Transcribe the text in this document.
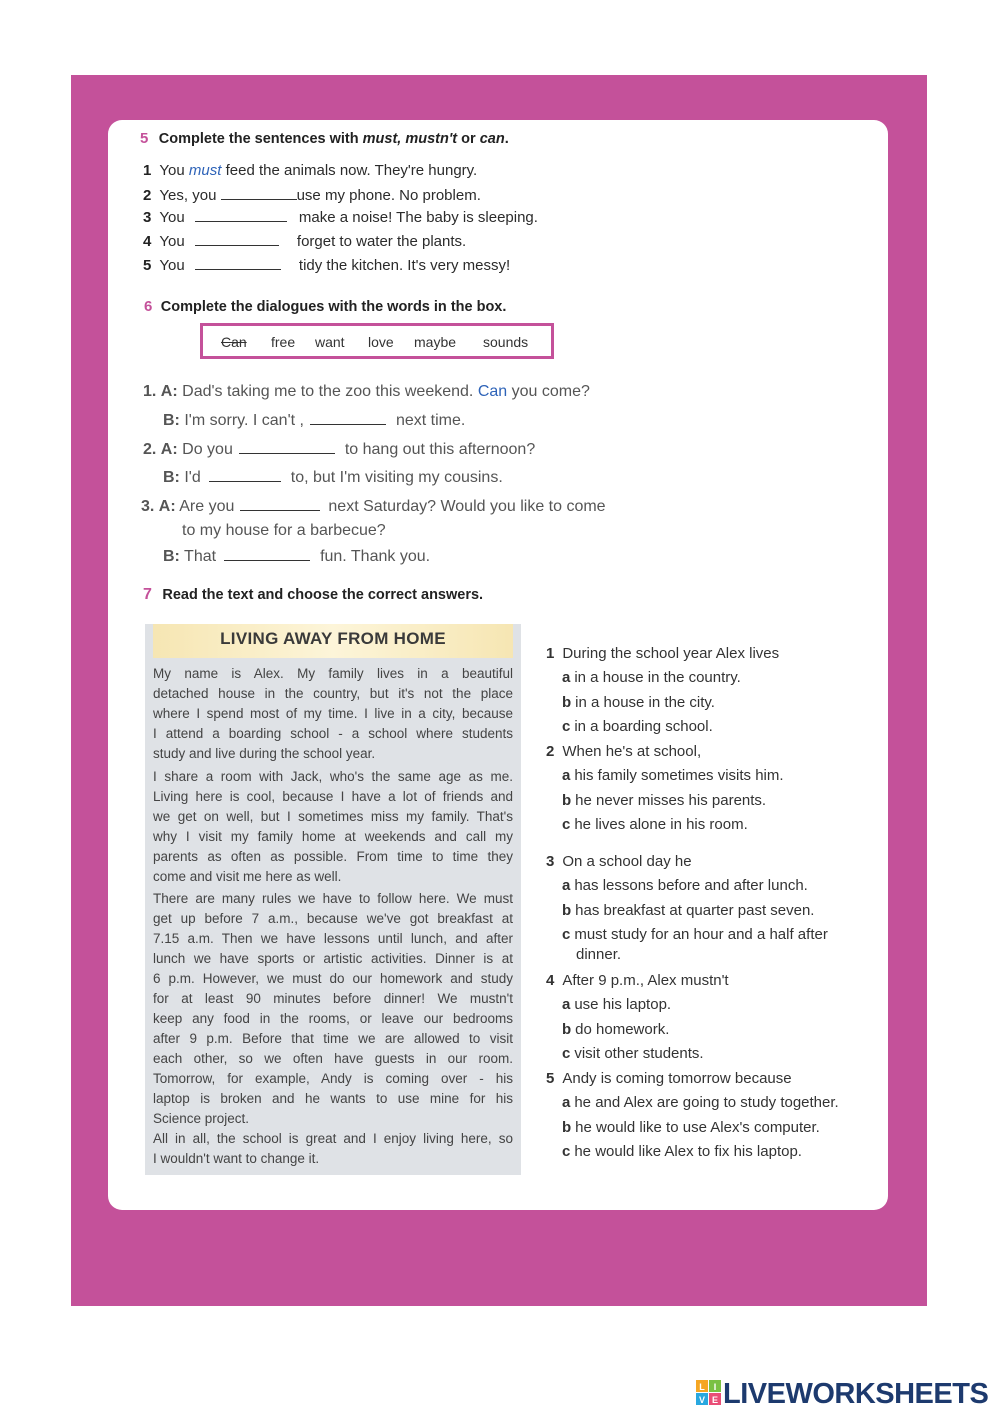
5 Complete the sentences with must, mustn't or can.
1 You must feed the animals now. They're hungry.
2 Yes, you	use my phone. No problem.
3 You	make a noise! The baby is sleeping.
4 You	forget to water the plants.
5 You	tidy the kitchen. It's very messy!
6 Complete the dialogues with the words in the box.
Can free want love maybe sounds
1. A: Dad's taking me to the zoo this weekend. Can you come?
B: I'm sorry. I can't ,	next time.
2. A: Do you	to hang out this afternoon?
B: I'd	to, but I'm visiting my cousins.
3. A: Are you	next Saturday? Would you like to come
to my house for a barbecue?
B: That	fun. Thank you.
7 Read the text and choose the correct answers.
LIVING AWAY FROM HOME
My name is Alex. My family lives in a beautiful
detached house in the country, but it's not the place
where I spend most of my time. I live in a city, because
I attend a boarding school - a school where students
study and live during the school year.
I share a room with Jack, who's the same age as me.
Living here is cool, because I have a lot of friends and
we get on well, but I sometimes miss my family. That's
why I visit my family home at weekends and call my
parents as often as possible. From time to time they
come and visit me here as well.
There are many rules we have to follow here. We must
get up before 7 a.m., because we've got breakfast at
7.15 a.m. Then we have lessons until lunch, and after
lunch we have sports or artistic activities. Dinner is at
6 p.m. However, we must do our homework and study
for at least 90 minutes before dinner! We mustn't
keep any food in the rooms, or leave our bedrooms
after 9 p.m. Before that time we are allowed to visit
each other, so we often have guests in our room.
Tomorrow, for example, Andy is coming over - his
laptop is broken and he wants to use mine for his
Science project.
All in all, the school is great and I enjoy living here, so
I wouldn't want to change it.
1 During the school year Alex lives
a in a house in the country.
b in a house in the city.
c in a boarding school.
2 When he's at school,
a his family sometimes visits him.
b he never misses his parents.
c he lives alone in his room.
3 On a school day he
a has lessons before and after lunch.
b has breakfast at quarter past seven.
c must study for an hour and a half after
dinner.
4 After 9 p.m., Alex mustn't
a use his laptop.
b do homework.
c visit other students.
5 Andy is coming tomorrow because
a he and Alex are going to study together.
b he would like to use Alex's computer.
c he would like Alex to fix his laptop.
L I
V E LIVEWORKSHEETS
